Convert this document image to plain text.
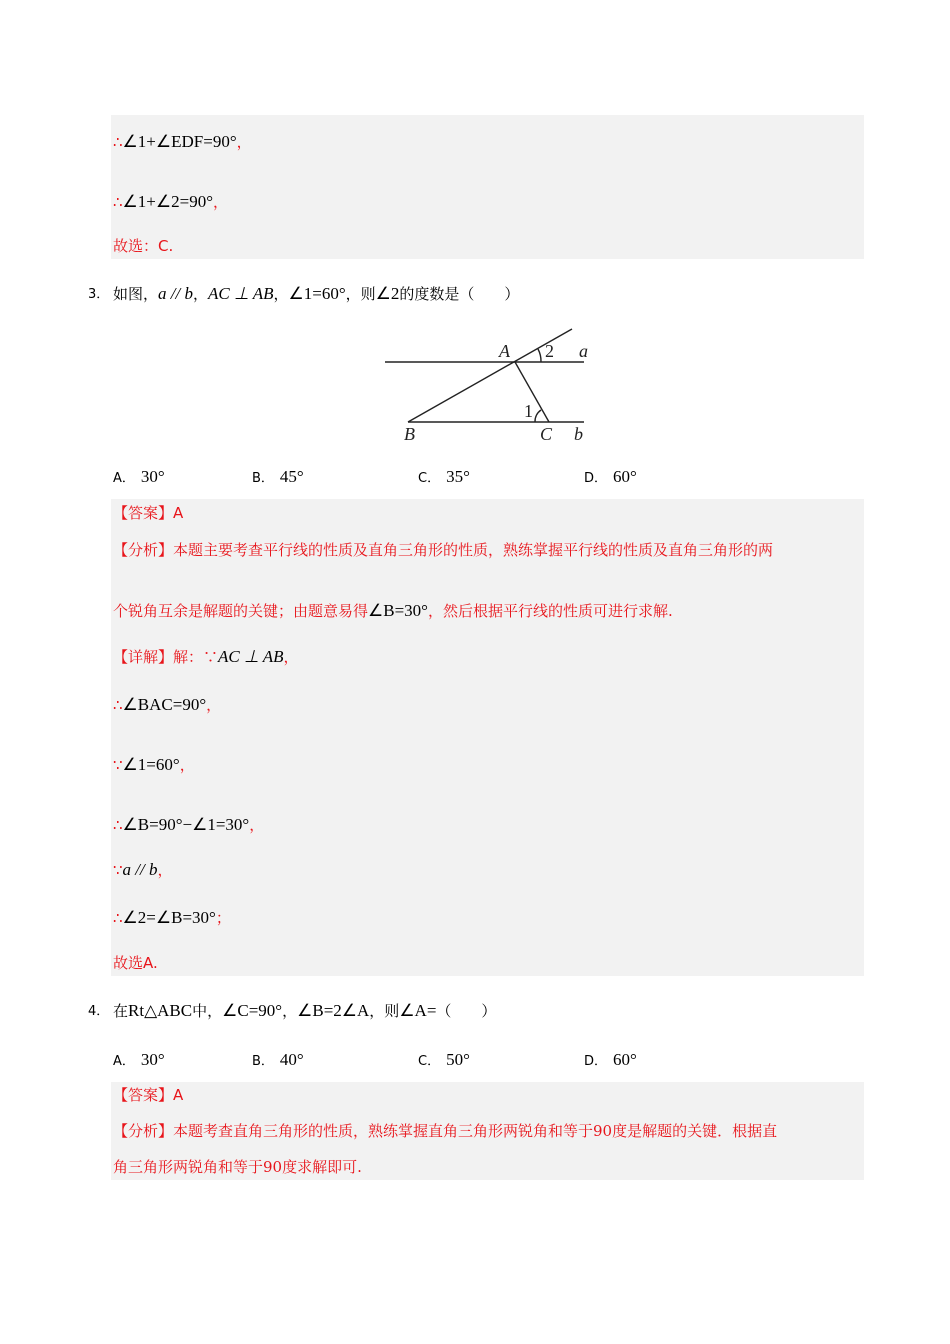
∴∠1+∠EDF=90°，
∴∠1+∠2=90°，
故选：C.
3． 如图，a // b，AC ⊥ AB，∠1=60°，则∠2的度数是（　　）
A	a
B	C b
2
1
A． 30°	B． 45°	C． 35°	D． 60°
【答案】A
【分析】本题主要考查平行线的性质及直角三角形的性质，熟练掌握平行线的性质及直角三角形的两
个锐角互余是解题的关键；由题意易得∠B=30°，然后根据平行线的性质可进行求解.
【详解】解：∵AC ⊥ AB，
∴∠BAC=90°，
∵∠1=60°，
∴∠B=90°−∠1=30°，
∵a // b，
∴∠2=∠B=30°；
故选A.
4． 在Rt△ABC中，∠C=90°，∠B=2∠A，则∠A=（　　）
A． 30°	B． 40°	C． 50°	D． 60°
【答案】A
【分析】本题考查直角三角形的性质，熟练掌握直角三角形两锐角和等于90度是解题的关键．根据直
角三角形两锐角和等于90度求解即可.
